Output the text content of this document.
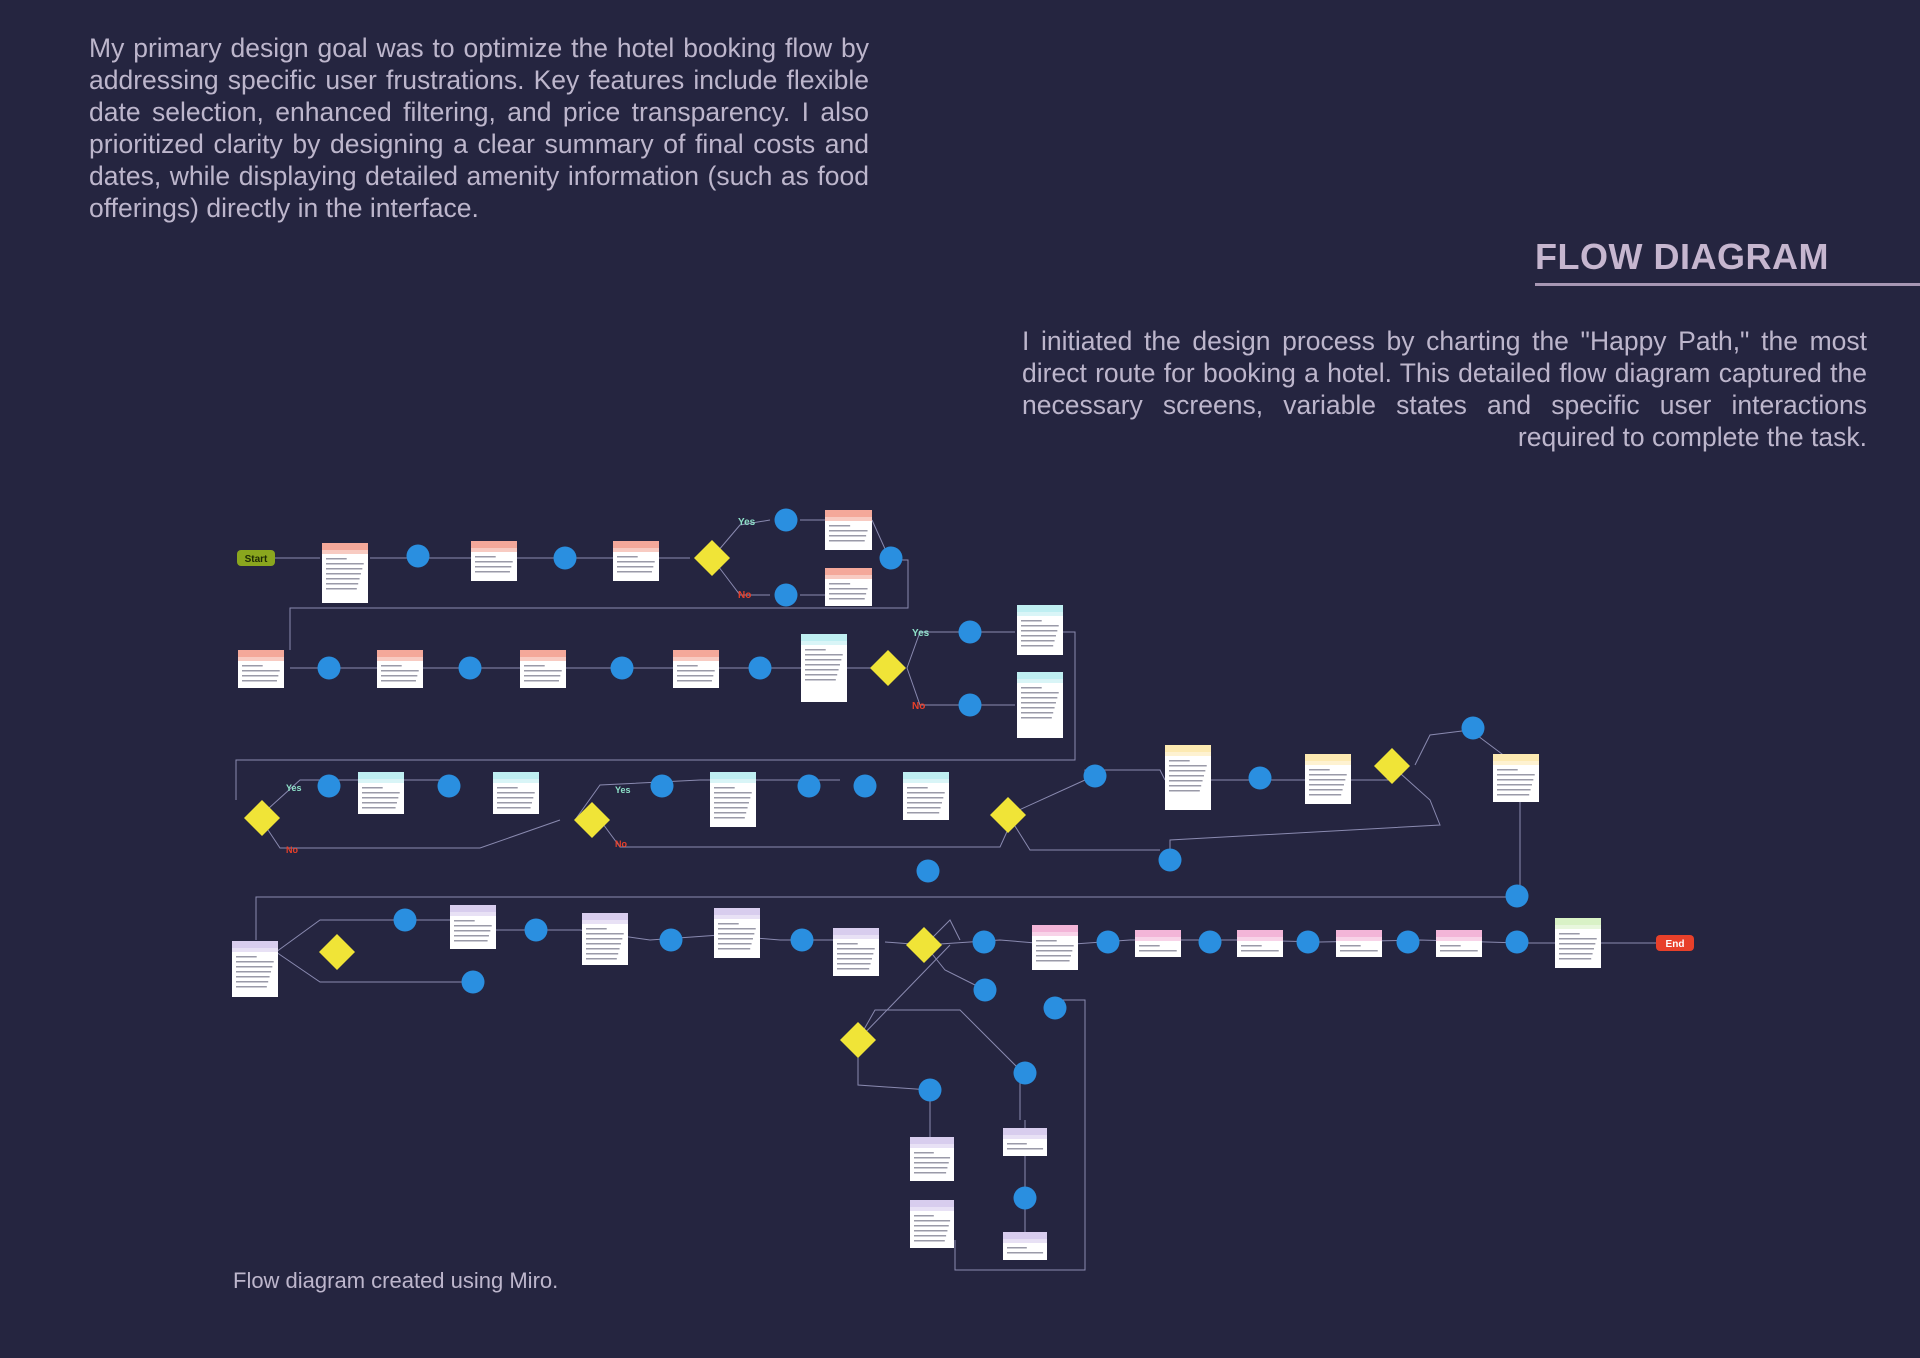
My primary design goal was to optimize the hotel booking flow by addressing specific user frustrations. Key features include flexible date selection, enhanced filtering, and price transparency. I also prioritized clarity by designing a clear summary of final costs and dates, while displaying detailed amenity information (such as food offerings) directly in the interface.

FLOW DIAGRAM

I initiated the design process by charting the "Happy Path," the most direct route for booking a hotel. This detailed flow diagram captured the necessary screens, variable states and specific user interactions required to complete the task.

Start
End
Yes
No
Yes
No
Yes
No
Yes
No

Flow diagram created using Miro.
